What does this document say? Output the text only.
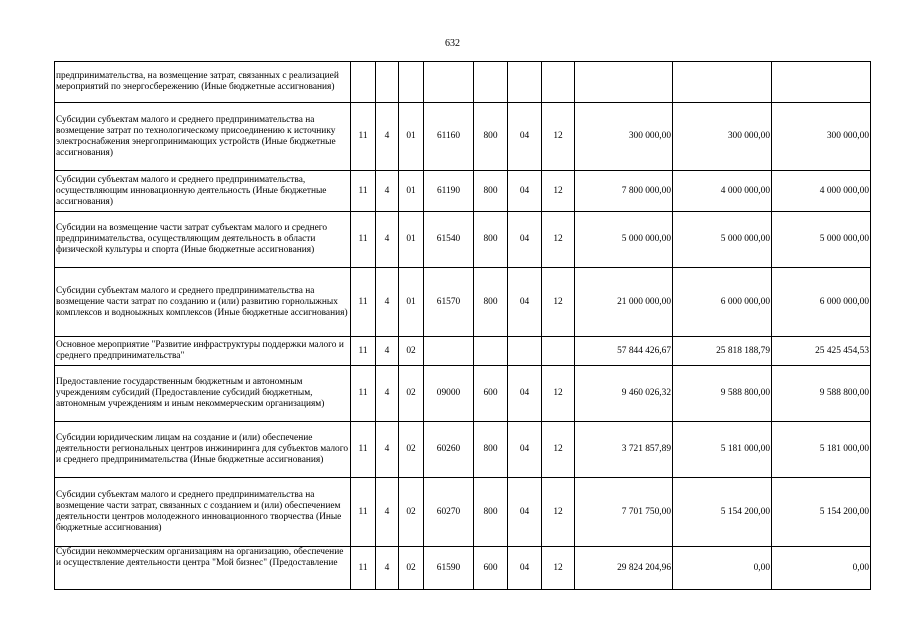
632
предпринимательства, на возмещение затрат, связанных с реализацией мероприятий по энергосбережению (Иные бюджетные ассигнования)										
Субсидии субъектам малого и среднего предпринимательства на возмещение затрат по технологическому присоединению к источнику электроснабжения энергопринимающих устройств (Иные бюджетные ассигнования)	11	4	01	61160	800	04	12	300 000,00	300 000,00	300 000,00
Субсидии субъектам малого и среднего предпринимательства, осуществляющим инновационную деятельность (Иные бюджетные ассигнования)	11	4	01	61190	800	04	12	7 800 000,00	4 000 000,00	4 000 000,00
Субсидии на возмещение части затрат субъектам малого и среднего предпринимательства, осуществляющим деятельность в области физической культуры и спорта (Иные бюджетные ассигнования)	11	4	01	61540	800	04	12	5 000 000,00	5 000 000,00	5 000 000,00
Субсидии субъектам малого и среднего предпринимательства на возмещение части затрат по созданию и (или) развитию горнолыжных комплексов и водноыжных комплексов (Иные бюджетные ассигнования)	11	4	01	61570	800	04	12	21 000 000,00	6 000 000,00	6 000 000,00
Основное мероприятие "Развитие инфраструктуры поддержки малого и среднего предпринимательства"	11	4	02					57 844 426,67	25 818 188,79	25 425 454,53
Предоставление государственным бюджетным и автономным учреждениям субсидий (Предоставление субсидий бюджетным, автономным учреждениям и иным некоммерческим организациям)	11	4	02	09000	600	04	12	9 460 026,32	9 588 800,00	9 588 800,00
Субсидии юридическим лицам на создание и (или) обеспечение деятельности региональных центров инжиниринга для субъектов малого и среднего предпринимательства (Иные бюджетные ассигнования)	11	4	02	60260	800	04	12	3 721 857,89	5 181 000,00	5 181 000,00
Субсидии субъектам малого и среднего предпринимательства на возмещение части затрат, связанных с созданием и (или) обеспечением деятельности центров молодежного инновационного творчества (Иные бюджетные ассигнования)	11	4	02	60270	800	04	12	7 701 750,00	5 154 200,00	5 154 200,00
Субсидии некоммерческим организациям на организацию, обеспечение и осуществление деятельности центра "Мой бизнес" (Предоставление	11	4	02	61590	600	04	12	29 824 204,96	0,00	0,00
